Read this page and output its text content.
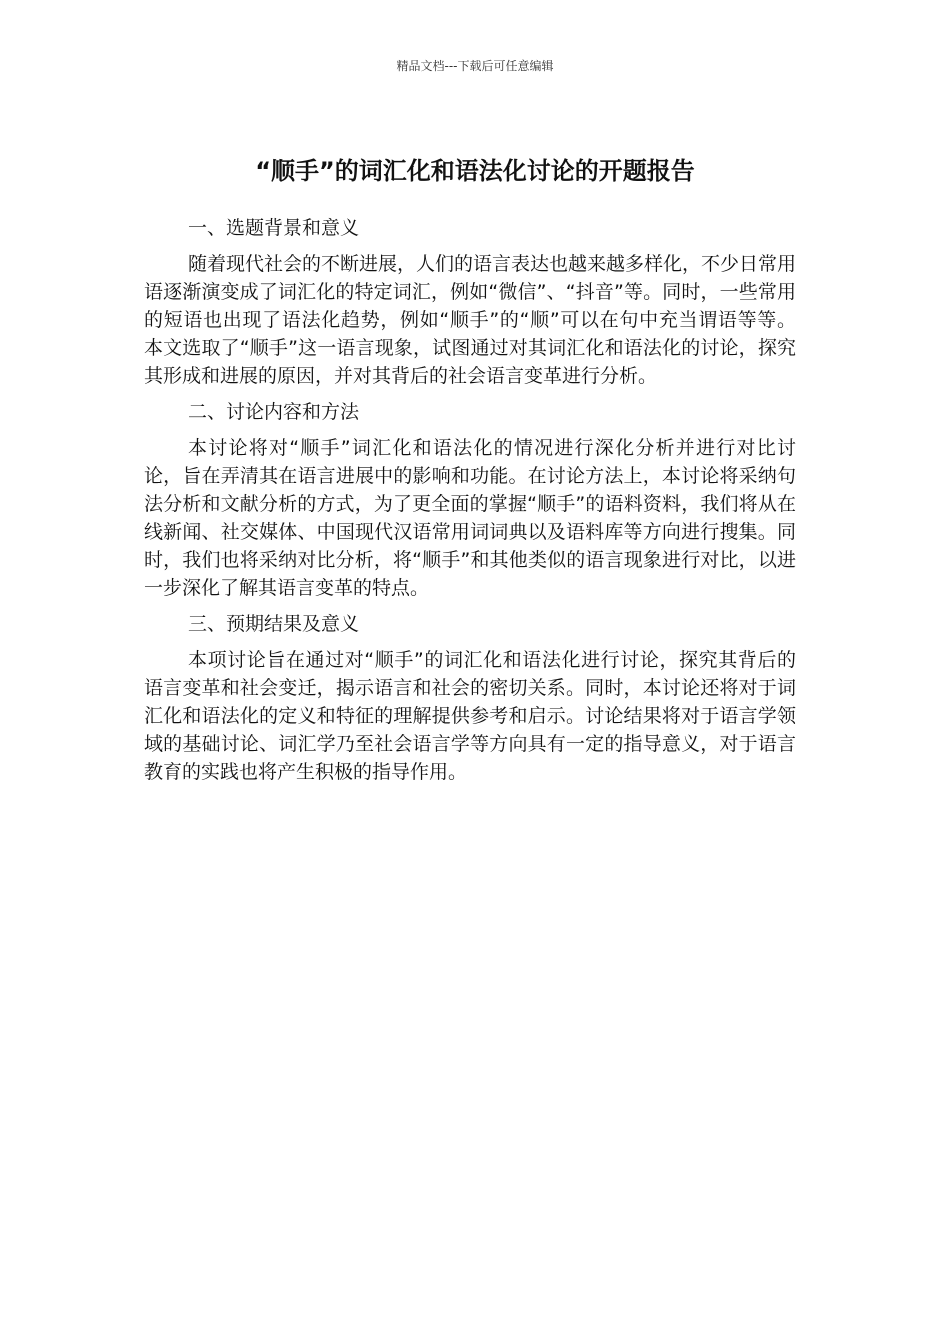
精品文档---下载后可任意编辑
“顺手”的词汇化和语法化讨论的开题报告
一、选题背景和意义

随着现代社会的不断进展，人们的语言表达也越来越多样化，不少日常用语逐渐演变成了词汇化的特定词汇，例如“微信”、“抖音”等。同时，一些常用的短语也出现了语法化趋势，例如“顺手”的“顺”可以在句中充当谓语等等。 本文选取了“顺手”这一语言现象，试图通过对其词汇化和语法化的讨论，探究其形成和进展的原因，并对其背后的社会语言变革进行分析。

二、讨论内容和方法

本讨论将对“顺手”词汇化和语法化的情况进行深化分析并进行对比讨论，旨在弄清其在语言进展中的影响和功能。在讨论方法上，本讨论将采纳句法分析和文献分析的方式，为了更全面的掌握“顺手”的语料资料，我们将从在线新闻、社交媒体、中国现代汉语常用词词典以及语料库等方向进行搜集。同时，我们也将采纳对比分析，将“顺手”和其他类似的语言现象进行对比，以进一步深化了解其语言变革的特点。

三、预期结果及意义

本项讨论旨在通过对“顺手”的词汇化和语法化进行讨论，探究其背后的语言变革和社会变迁，揭示语言和社会的密切关系。同时，本讨论还将对于词汇化和语法化的定义和特征的理解提供参考和启示。讨论结果将对于语言学领域的基础讨论、词汇学乃至社会语言学等方向具有一定的指导意义，对于语言教育的实践也将产生积极的指导作用。
